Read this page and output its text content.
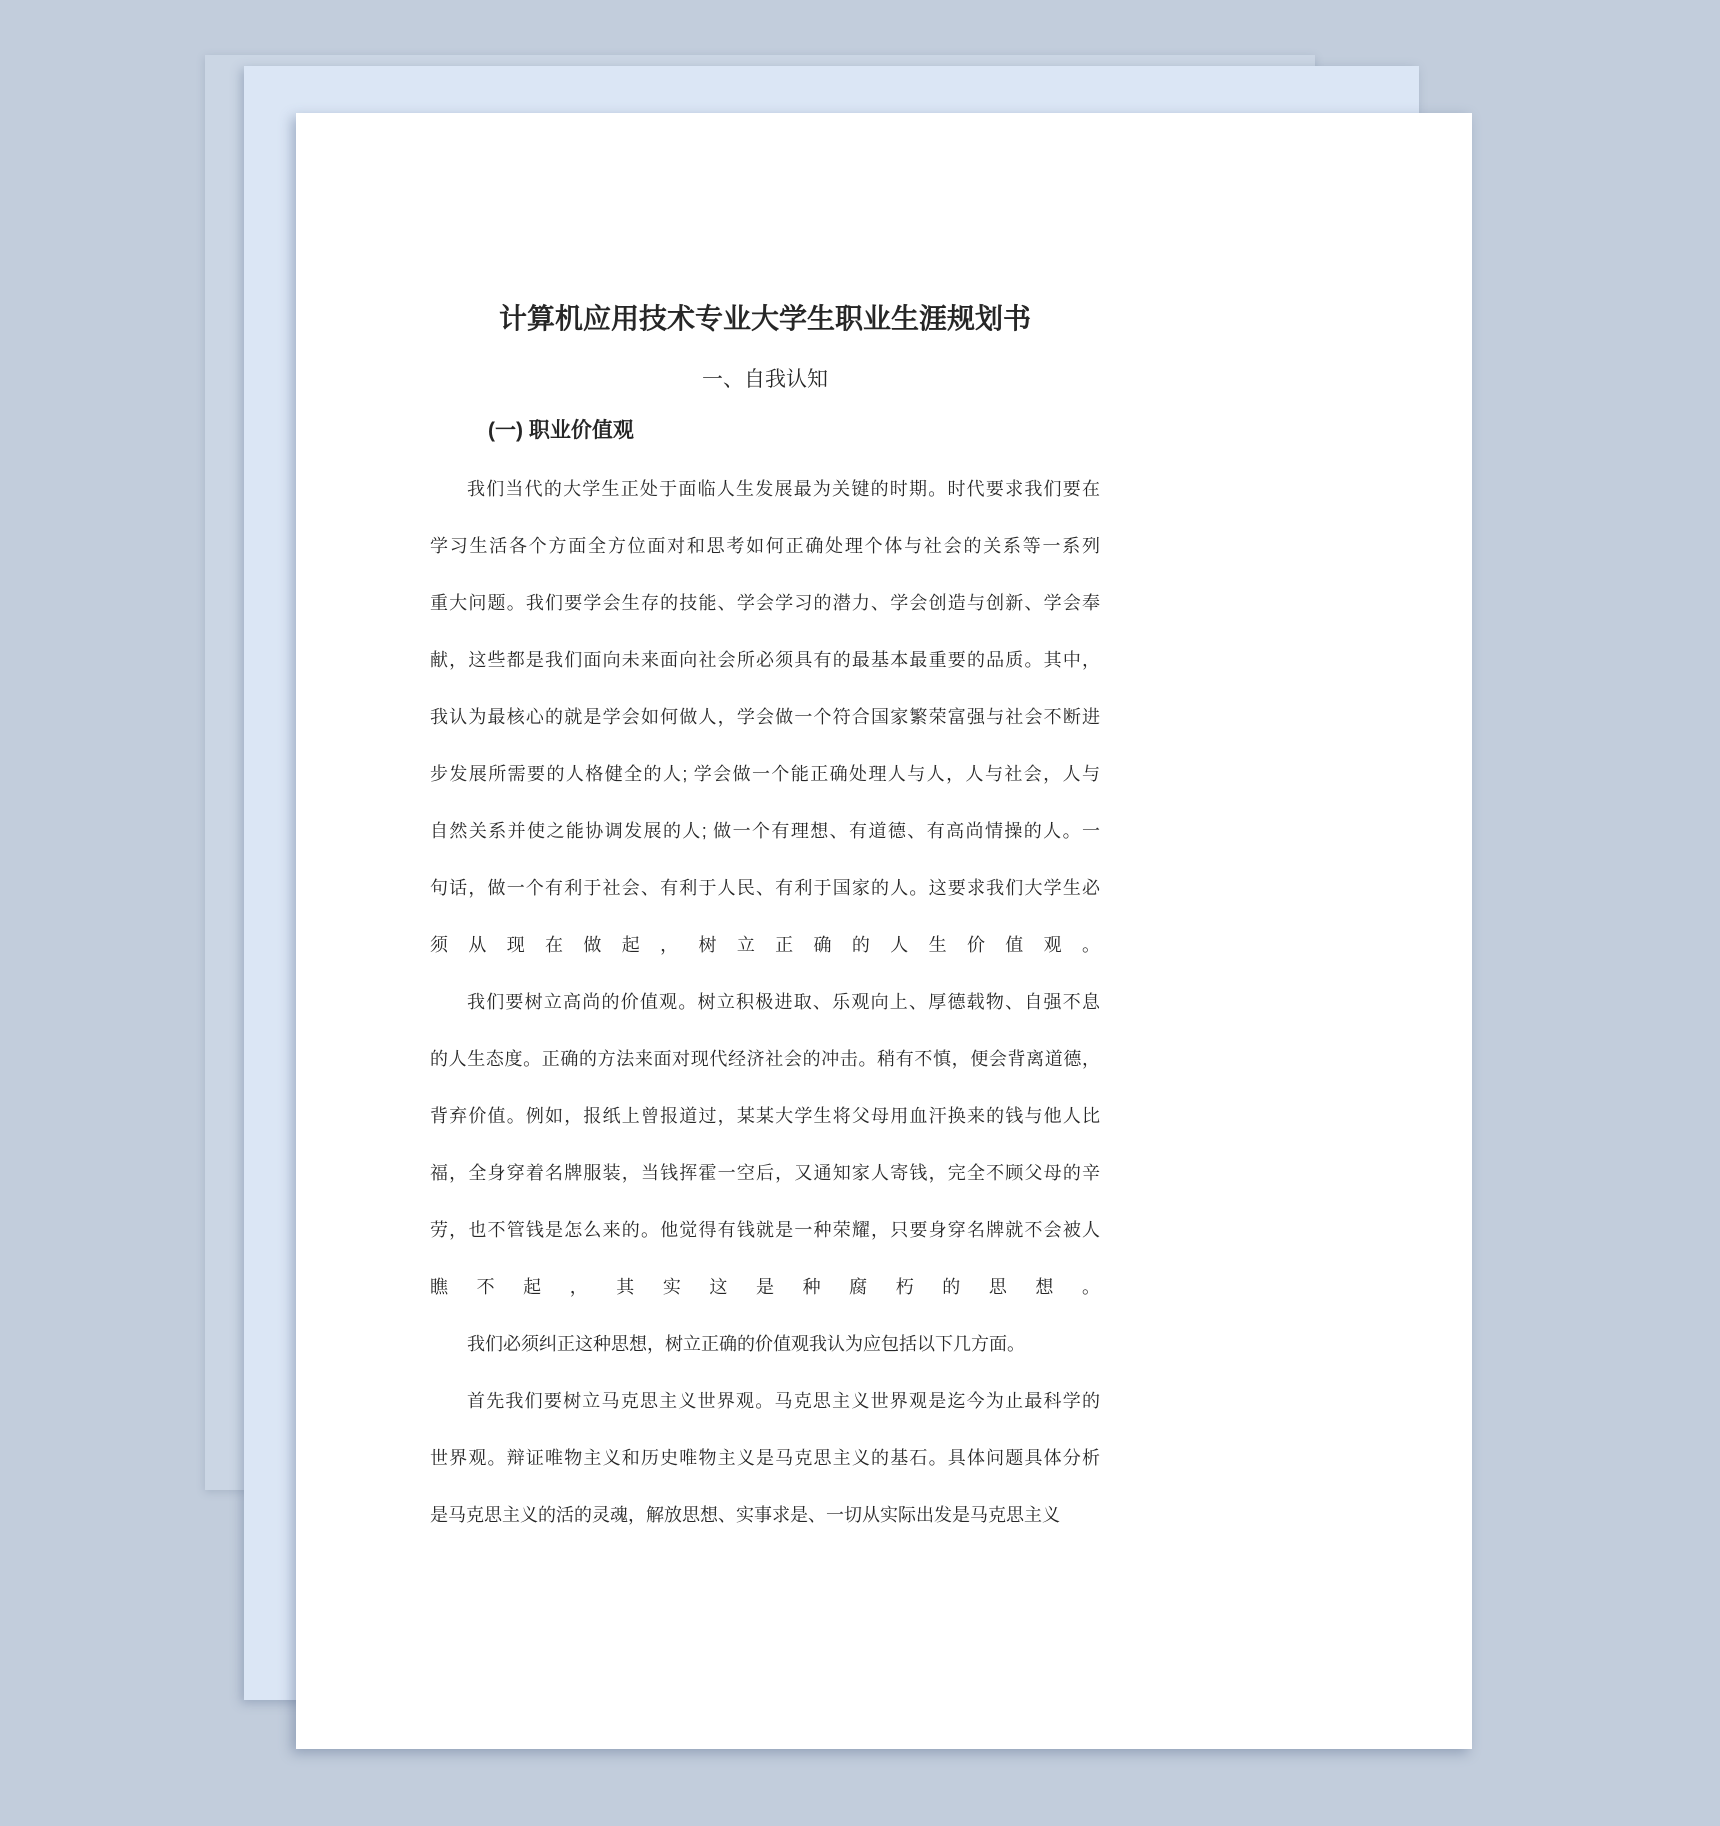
计算机应用技术专业大学生职业生涯规划书
一、自我认知
(一) 职业价值观
我们当代的大学生正处于面临人生发展最为关键的时期。时代要求我们要在
学习生活各个方面全方位面对和思考如何正确处理个体与社会的关系等一系列
重大问题。我们要学会生存的技能、学会学习的潜力、学会创造与创新、学会奉
献，这些都是我们面向未来面向社会所必须具有的最基本最重要的品质。其中，
我认为最核心的就是学会如何做人，学会做一个符合国家繁荣富强与社会不断进
步发展所需要的人格健全的人; 学会做一个能正确处理人与人，人与社会，人与
自然关系并使之能协调发展的人; 做一个有理想、有道德、有高尚情操的人。一
句话，做一个有利于社会、有利于人民、有利于国家的人。这要求我们大学生必
须从现在做起，树立正确的人生价值观。
我们要树立高尚的价值观。树立积极进取、乐观向上、厚德载物、自强不息
的人生态度。正确的方法来面对现代经济社会的冲击。稍有不慎，便会背离道德，
背弃价值。例如，报纸上曾报道过，某某大学生将父母用血汗换来的钱与他人比
福，全身穿着名牌服装，当钱挥霍一空后，又通知家人寄钱，完全不顾父母的辛
劳，也不管钱是怎么来的。他觉得有钱就是一种荣耀，只要身穿名牌就不会被人
瞧不起，其实这是种腐朽的思想。
我们必须纠正这种思想，树立正确的价值观我认为应包括以下几方面。
首先我们要树立马克思主义世界观。马克思主义世界观是迄今为止最科学的
世界观。辩证唯物主义和历史唯物主义是马克思主义的基石。具体问题具体分析
是马克思主义的活的灵魂，解放思想、实事求是、一切从实际出发是马克思主义
